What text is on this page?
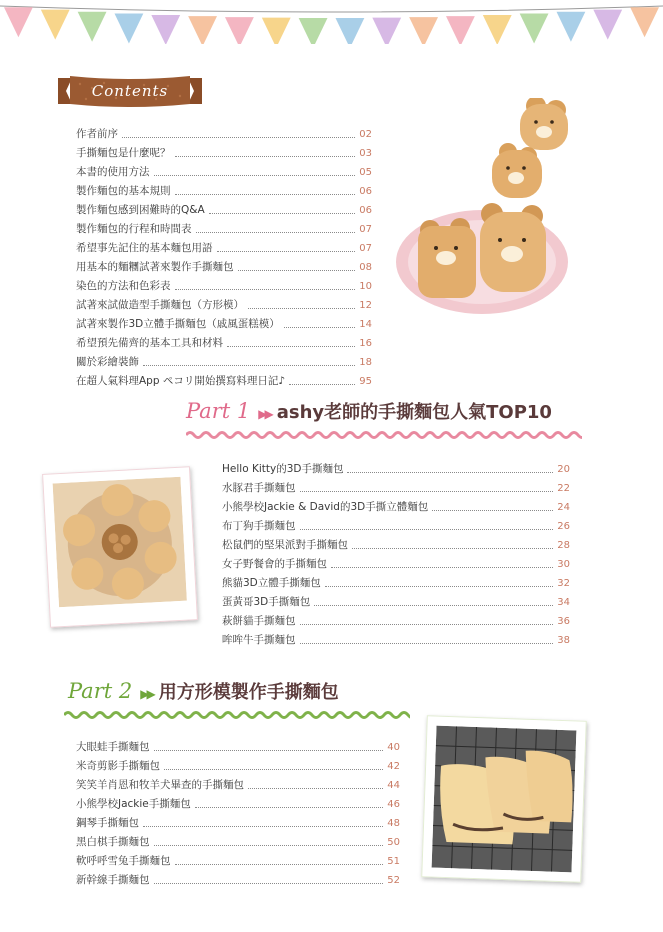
Contents
作者前序	02
手撕麵包是什麼呢？	03
本書的使用方法	05
製作麵包的基本規則	06
製作麵包感到困難時的Q&A	06
製作麵包的行程和時間表	07
希望事先記住的基本麵包用語	07
用基本的麵糰試著來製作手撕麵包	08
染色的方法和色彩表	10
試著來試做造型手撕麵包（方形模）	12
試著來製作3D立體手撕麵包（戚風蛋糕模）	14
希望預先備齊的基本工具和材料	16
關於彩繪裝飾	18
在超人氣料理App ペコリ開始撰寫料理日記♪	95
Part 1 ▶▶ ashy老師的手撕麵包人氣TOP10
Hello Kitty的3D手撕麵包	20
水豚君手撕麵包	22
小熊學校Jackie & David的3D手撕立體麵包	24
布丁狗手撕麵包	26
松鼠們的堅果派對手撕麵包	28
女子野餐會的手撕麵包	30
熊貓3D立體手撕麵包	32
蛋黃哥3D手撕麵包	34
萩餅貓手撕麵包	36
哞哞牛手撕麵包	38
Part 2 ▶▶ 用方形模製作手撕麵包
大眼蛙手撕麵包	40
米奇剪影手撕麵包	42
笑笑羊肖恩和牧羊犬畢查的手撕麵包	44
小熊學校Jackie手撕麵包	46
鋼琴手撕麵包	48
黑白棋手撕麵包	50
軟呼呼雪兔手撕麵包	51
新幹線手撕麵包	52
